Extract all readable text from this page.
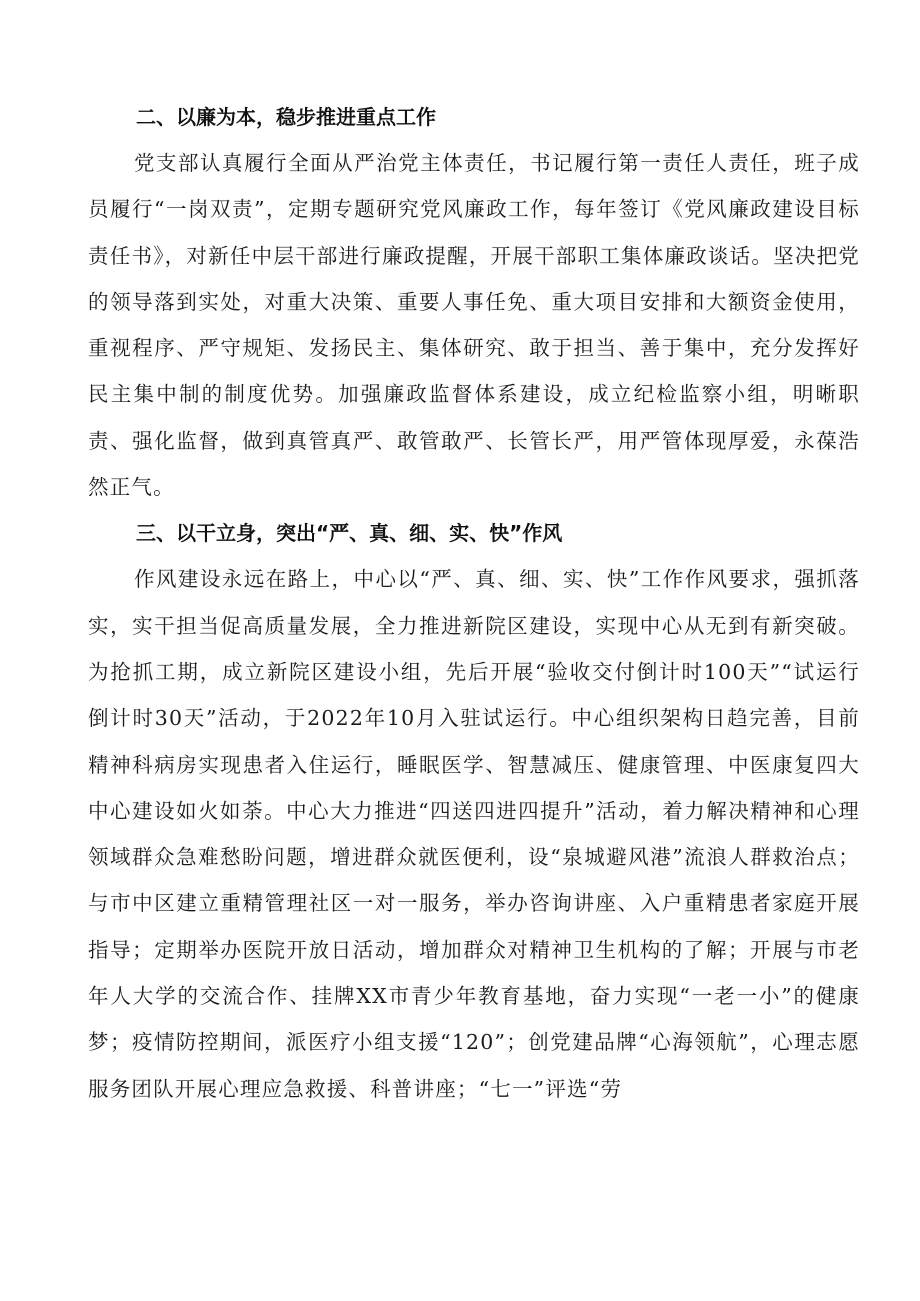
二、以廉为本，稳步推进重点工作

党支部认真履行全面从严治党主体责任，书记履行第一责任人责任，班子成员履行“一岗双责”，定期专题研究党风廉政工作，每年签订《党风廉政建设目标责任书》，对新任中层干部进行廉政提醒，开展干部职工集体廉政谈话。坚决把党的领导落到实处，对重大决策、重要人事任免、重大项目安排和大额资金使用，重视程序、严守规矩、发扬民主、集体研究、敢于担当、善于集中，充分发挥好民主集中制的制度优势。加强廉政监督体系建设，成立纪检监察小组，明晰职责、强化监督，做到真管真严、敢管敢严、长管长严，用严管体现厚爱，永葆浩然正气。

三、以干立身，突出“严、真、细、实、快”作风

作风建设永远在路上，中心以“严、真、细、实、快”工作作风要求，强抓落实，实干担当促高质量发展，全力推进新院区建设，实现中心从无到有新突破。为抢抓工期，成立新院区建设小组，先后开展“验收交付倒计时100天”“试运行倒计时30天”活动，于2022年10月入驻试运行。中心组织架构日趋完善，目前精神科病房实现患者入住运行，睡眠医学、智慧减压、健康管理、中医康复四大中心建设如火如荼。中心大力推进“四送四进四提升”活动，着力解决精神和心理领域群众急难愁盼问题，增进群众就医便利，设“泉城避风港”流浪人群救治点；与市中区建立重精管理社区一对一服务，举办咨询讲座、入户重精患者家庭开展指导；定期举办医院开放日活动，增加群众对精神卫生机构的了解；开展与市老年人大学的交流合作、挂牌XX市青少年教育基地，奋力实现“一老一小”的健康梦；疫情防控期间，派医疗小组支援“120”；创党建品牌“心海领航”，心理志愿服务团队开展心理应急救援、科普讲座；“七一”评选“劳
